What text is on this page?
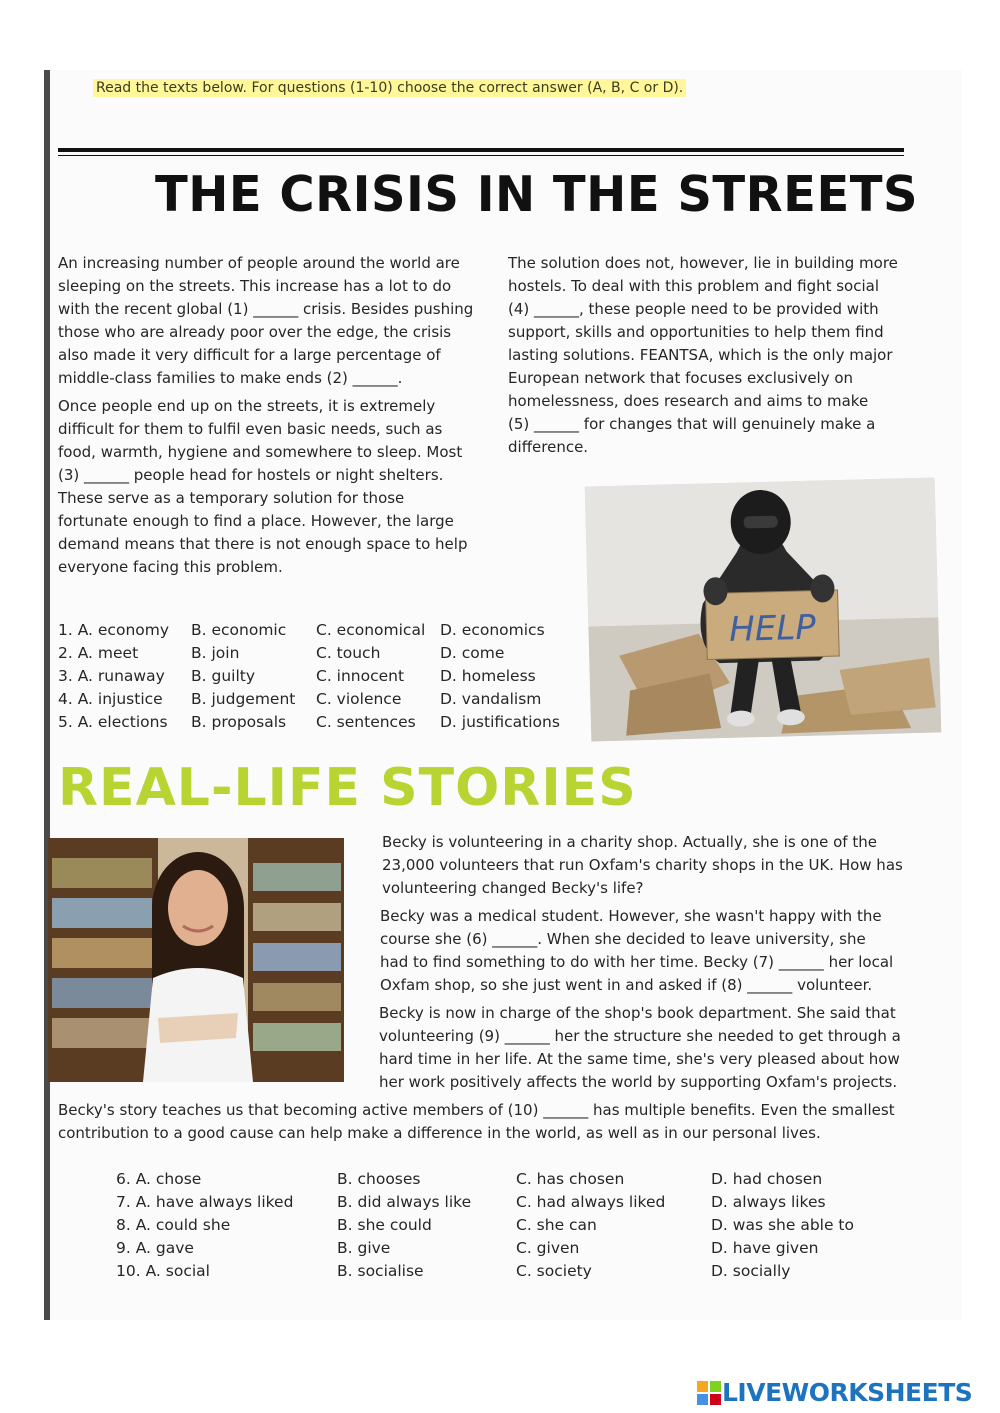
Read the texts below. For questions (1-10) choose the correct answer (A, B, C or D).
THE CRISIS IN THE STREETS

An increasing number of people around the world are

sleeping on the streets. This increase has a lot to do

with the recent global (1) ______ crisis. Besides pushing

those who are already poor over the edge, the crisis

also made it very difficult for a large percentage of

middle-class families to make ends (2) ______.

Once people end up on the streets, it is extremely

difficult for them to fulfil even basic needs, such as

food, warmth, hygiene and somewhere to sleep. Most

(3) ______ people head for hostels or night shelters.

These serve as a temporary solution for those

fortunate enough to find a place. However, the large

demand means that there is not enough space to help

everyone facing this problem.

The solution does not, however, lie in building more

hostels. To deal with this problem and fight social

(4) ______, these people need to be provided with

support, skills and opportunities to help them find

lasting solutions. FEANTSA, which is the only major

European network that focuses exclusively on

homelessness, does research and aims to make

(5) ______ for changes that will genuinely make a

difference.

HELP
1. A. economy B. economic C. economical D. economics
2. A. meet	B. join	C. touch	D. come
3. A. runaway B. guilty	C. innocent D. homeless
4. A. injustice B. judgement C. violence D. vandalism
5. A. elections B. proposals C. sentences D. justifications
REAL-LIFE STORIES

Becky is volunteering in a charity shop. Actually, she is one of the

23,000 volunteers that run Oxfam's charity shops in the UK. How has

volunteering changed Becky's life?

Becky was a medical student. However, she wasn't happy with the

course she (6) ______. When she decided to leave university, she

had to find something to do with her time. Becky (7) ______ her local

Oxfam shop, so she just went in and asked if (8) ______ volunteer.

Becky is now in charge of the shop's book department. She said that

volunteering (9) ______ her the structure she needed to get through a

hard time in her life. At the same time, she's very pleased about how

her work positively affects the world by supporting Oxfam's projects.

Becky's story teaches us that becoming active members of (10) ______ has multiple benefits. Even the smallest

contribution to a good cause can help make a difference in the world, as well as in our personal lives.

6. A. chose	B. chooses	C. has chosen	D. had chosen
7. A. have always liked	B. did always like	C. had always liked	D. always likes
8. A. could she	B. she could	C. she can	D. was she able to
9. A. gave	B. give	C. given	D. have given
10. A. social	B. socialise	C. society	D. socially
LIVEWORKSHEETS
